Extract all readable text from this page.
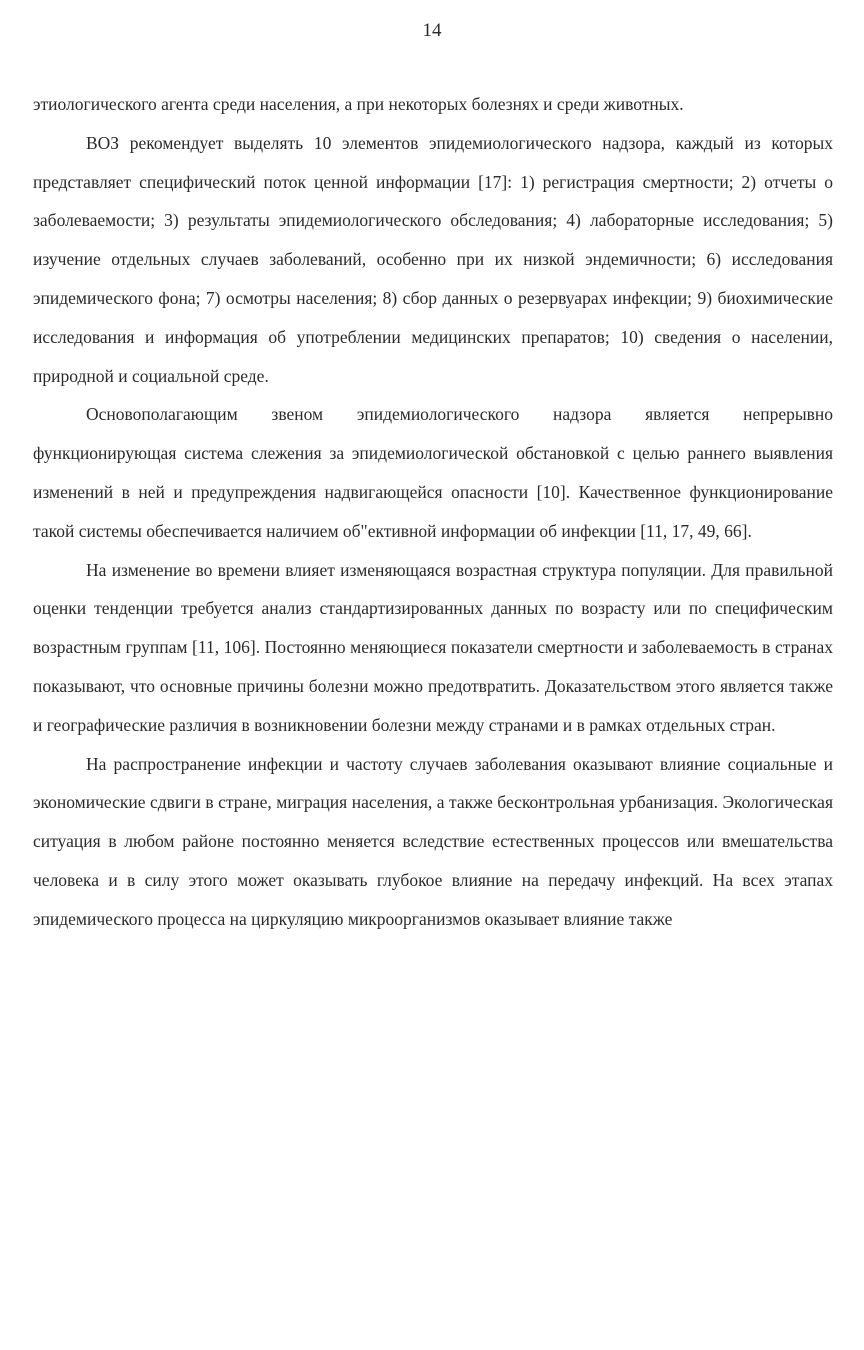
14

этиологического агента среди населения, а при некоторых болезнях и среди животных.

ВОЗ рекомендует выделять 10 элементов эпидемиологического надзора, каждый из которых представляет специфический поток ценной информации [17]: 1) регистрация смертности; 2) отчеты о заболеваемости; 3) результаты эпидемиологического обследования; 4) лабораторные исследования; 5) изучение отдельных случаев заболеваний, особенно при их низкой эндемичности; 6) исследования эпидемического фона; 7) осмотры населения; 8) сбор данных о резервуарах инфекции; 9) биохимические исследования и информация об употреблении медицинских препаратов; 10) сведения о населении, природной и социальной среде.

Основополагающим звеном эпидемиологического надзора является непрерывно функционирующая система слежения за эпидемиологической обстановкой с целью раннего выявления изменений в ней и предупреждения надвигающейся опасности [10]. Качественное функционирование такой системы обеспечивается наличием об"ективной информации об инфекции [11, 17, 49, 66].

На изменение во времени влияет изменяющаяся возрастная структура популяции. Для правильной оценки тенденции требуется анализ стандартизированных данных по возрасту или по специфическим возрастным группам [11, 106]. Постоянно меняющиеся показатели смертности и заболеваемость в странах показывают, что основные причины болезни можно предотвратить. Доказательством этого является также и географические различия в возникновении болезни между странами и в рамках отдельных стран.

На распространение инфекции и частоту случаев заболевания оказывают влияние социальные и экономические сдвиги в стране, миграция населения, а также бесконтрольная урбанизация. Экологическая ситуация в любом районе постоянно меняется вследствие естественных процессов или вмешательства человека и в силу этого может оказывать глубокое влияние на передачу инфекций. На всех этапах эпидемического процесса на циркуляцию микроорганизмов оказывает влияние также
